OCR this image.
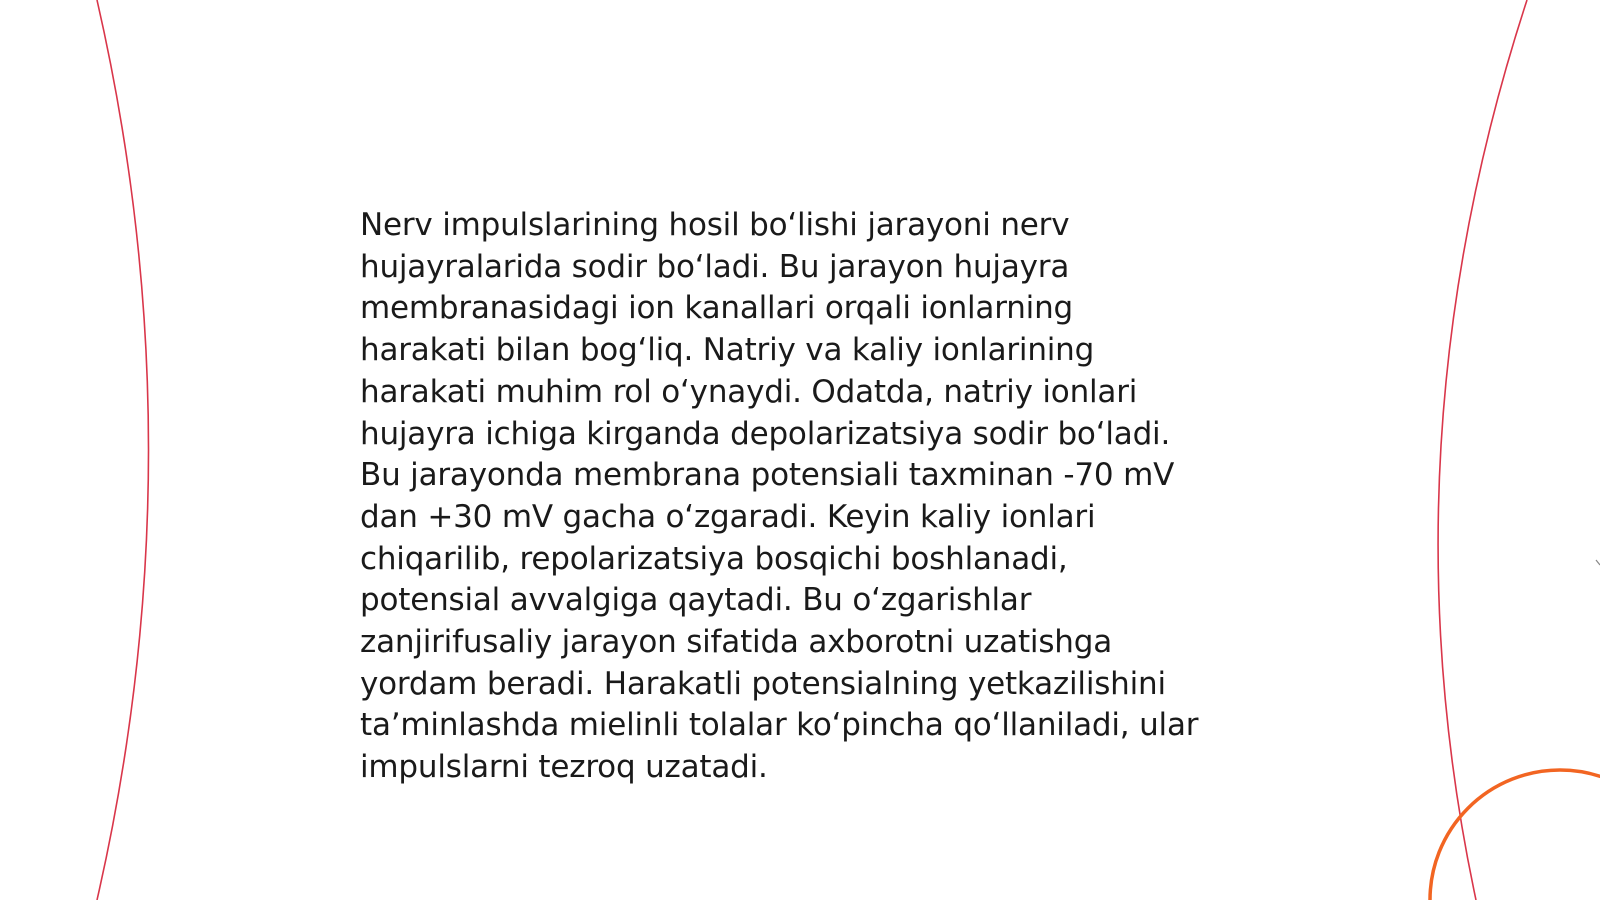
Nerv impulslarining hosil boʻlishi jarayoni nerv
hujayralarida sodir boʻladi. Bu jarayon hujayra
membranasidagi ion kanallari orqali ionlarning
harakati bilan bogʻliq. Natriy va kaliy ionlarining
harakati muhim rol oʻynaydi. Odatda, natriy ionlari
hujayra ichiga kirganda depolarizatsiya sodir boʻladi.
Bu jarayonda membrana potensiali taxminan -70 mV
dan +30 mV gacha oʻzgaradi. Keyin kaliy ionlari
chiqarilib, repolarizatsiya bosqichi boshlanadi,
potensial avvalgiga qaytadi. Bu oʻzgarishlar
zanjirifusaliy jarayon sifatida axborotni uzatishga
yordam beradi. Harakatli potensialning yetkazilishini
taʼminlashda mielinli tolalar koʻpincha qoʻllaniladi, ular
impulslarni tezroq uzatadi.
